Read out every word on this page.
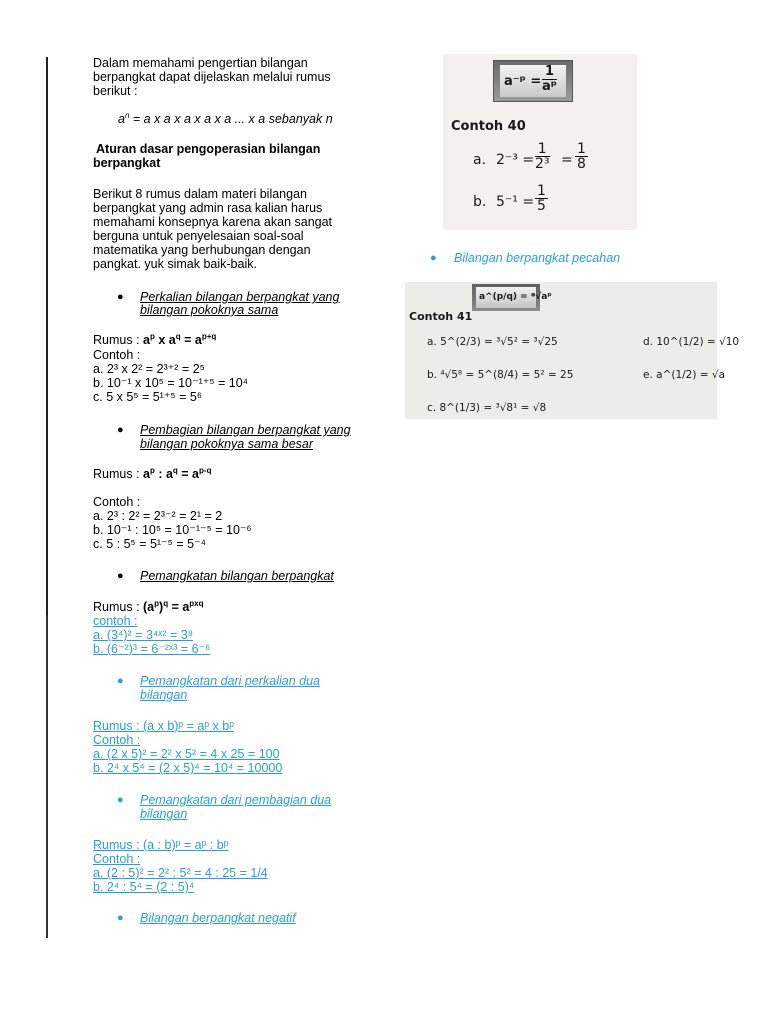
Dalam memahami pengertian bilangan
berpangkat dapat dijelaskan melalui rumus
berikut :
$a^n = a$ x a x a x a x a ... x a sebanyak n
Aturan dasar pengoperasian bilangan
berpangkat
Berikut 8 rumus dalam materi bilangan
berpangkat yang admin rasa kalian harus
memahami konsepnya karena akan sangat
berguna untuk penyelesaian soal-soal
matematika yang berhubungan dengan
pangkat. yuk simak baik-baik.
● Perkalian bilangan berpangkat yang
bilangan pokoknya sama
Rumus : $a^p$ x $a^q = a^{p+q}$
Contoh :
a. 2³ x 2² = 2³⁺² = 2⁵
b. 10⁻¹ x 10⁵ = 10⁻¹⁺⁵ = 10⁴
c. 5 x 5⁵ = 5¹⁺⁵ = 5⁶
● Pembagian bilangan berpangkat yang
bilangan pokoknya sama besar
Rumus : $a^p$ : $a^q = a^{p-q}$
Contoh :
a. 2³ : 2² = 2³⁻² = 2¹ = 2
b. 10⁻¹ : 10⁵ = 10⁻¹⁻⁵ = 10⁻⁶
c. 5 : 5⁵ = 5¹⁻⁵ = 5⁻⁴
● Pemangkatan bilangan berpangkat
Rumus : $(a^p)^q = a^{pxq}$
contoh :
a. (3⁴)² = 3⁴ˣ² = 3⁸
b. (6⁻²)³ = 6⁻²ˣ³ = 6⁻⁶
● Pemangkatan dari perkalian dua
bilangan
Rumus : (a x b)ᵖ = aᵖ x bᵖ
Contoh :
a. (2 x 5)² = 2² x 5² = 4 x 25 = 100
b. 2⁴ x 5⁴ = (2 x 5)⁴ = 10⁴ = 10000
● Pemangkatan dari pembagian dua
bilangan
Rumus : (a : b)ᵖ = aᵖ : bᵖ
Contoh :
a. (2 : 5)² = 2² : 5² = 4 : 25 = 1/4
b. 2⁴ : 5⁴ = (2 : 5)⁴
● Bilangan berpangkat negatif
a⁻ᵖ = $\frac{1}{\text{aᵖ}}$
Contoh 40
a. $2^{-3} = \frac{1}{\text{2³}} = \frac{1}{8}$
b. $5^{-1} = \frac{1}{5}$
● Bilangan berpangkat pecahan
a^(p/q) = ᵠ√aᵖ
Contoh 41
a. 5^(2/3) = ³√5² = ³√25
b. ⁴√5⁸ = 5^(8/4) = 5² = 25
c. 8^(1/3) = ³√8¹ = √8
d. 10^(1/2) = √10
e. a^(1/2) = √a
